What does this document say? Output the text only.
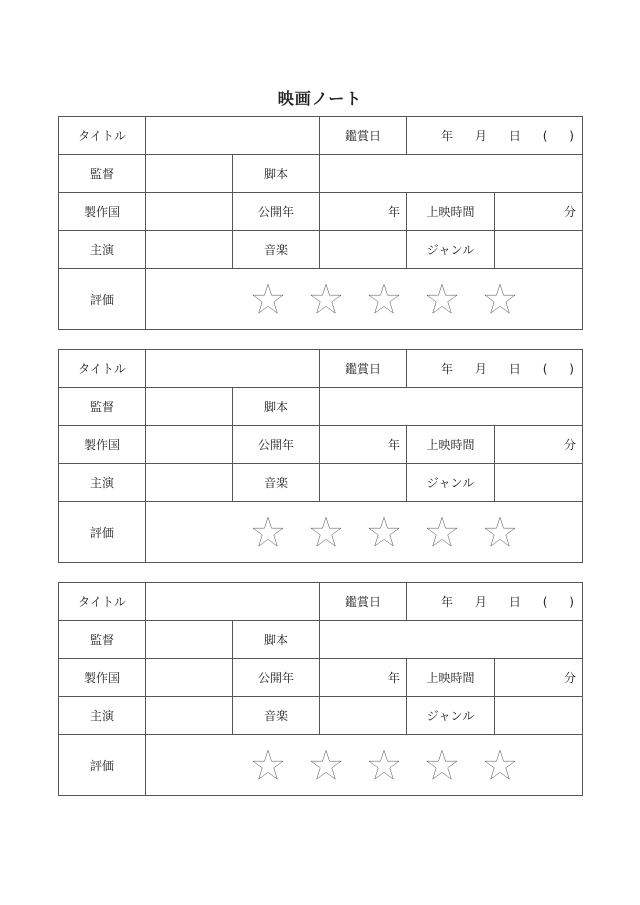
映画ノート
タイトル			鑑賞日	年 月 日 ( )	

監督		脚本			
製作国		公開年	年	上映時間	分
主演		音楽		ジャンル	
評価	
タイトル			鑑賞日	年 月 日 ( )	

監督		脚本			
製作国		公開年	年	上映時間	分
主演		音楽		ジャンル	
評価	
タイトル			鑑賞日	年 月 日 ( )	

監督		脚本			
製作国		公開年	年	上映時間	分
主演		音楽		ジャンル	
評価	
